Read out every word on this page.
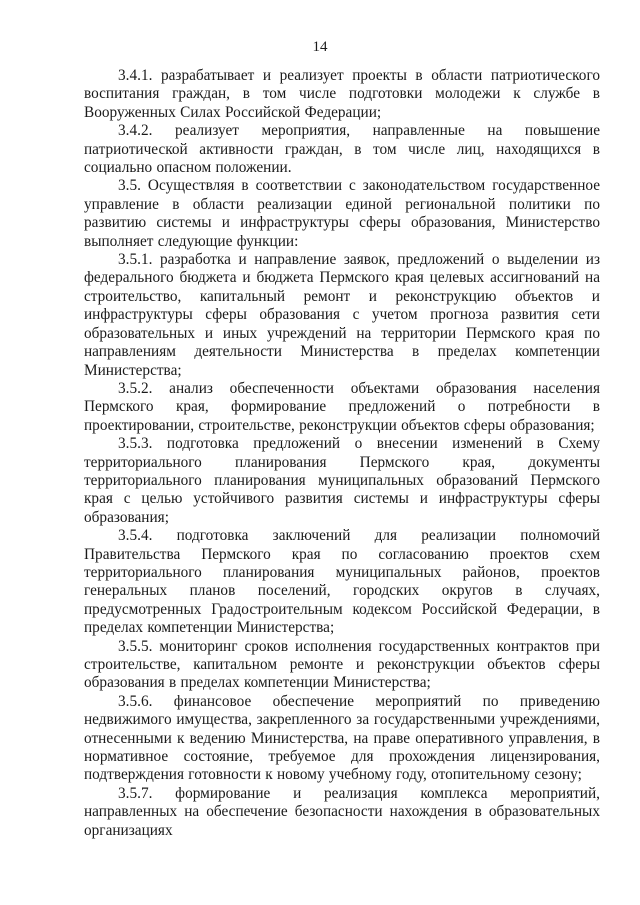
14

3.4.1. разрабатывает и реализует проекты в области патриотического воспитания граждан, в том числе подготовки молодежи к службе в Вооруженных Силах Российской Федерации;

3.4.2. реализует мероприятия, направленные на повышение патриотической активности граждан, в том числе лиц, находящихся в социально опасном положении.

3.5. Осуществляя в соответствии с законодательством государственное управление в области реализации единой региональной политики по развитию системы и инфраструктуры сферы образования, Министерство выполняет следующие функции:

3.5.1. разработка и направление заявок, предложений о выделении из федерального бюджета и бюджета Пермского края целевых ассигнований на строительство, капитальный ремонт и реконструкцию объектов и инфраструктуры сферы образования с учетом прогноза развития сети образовательных и иных учреждений на территории Пермского края по направлениям деятельности Министерства в пределах компетенции Министерства;

3.5.2. анализ обеспеченности объектами образования населения Пермского края, формирование предложений о потребности в проектировании, строительстве, реконструкции объектов сферы образования;

3.5.3. подготовка предложений о внесении изменений в Схему территориального планирования Пермского края, документы территориального планирования муниципальных образований Пермского края с целью устойчивого развития системы и инфраструктуры сферы образования;

3.5.4. подготовка заключений для реализации полномочий Правительства Пермского края по согласованию проектов схем территориального планирования муниципальных районов, проектов генеральных планов поселений, городских округов в случаях, предусмотренных Градостроительным кодексом Российской Федерации, в пределах компетенции Министерства;

3.5.5. мониторинг сроков исполнения государственных контрактов при строительстве, капитальном ремонте и реконструкции объектов сферы образования в пределах компетенции Министерства;

3.5.6. финансовое обеспечение мероприятий по приведению недвижимого имущества, закрепленного за государственными учреждениями, отнесенными к ведению Министерства, на праве оперативного управления, в нормативное состояние, требуемое для прохождения лицензирования, подтверждения готовности к новому учебному году, отопительному сезону;

3.5.7. формирование и реализация комплекса мероприятий, направленных на обеспечение безопасности нахождения в образовательных организациях
